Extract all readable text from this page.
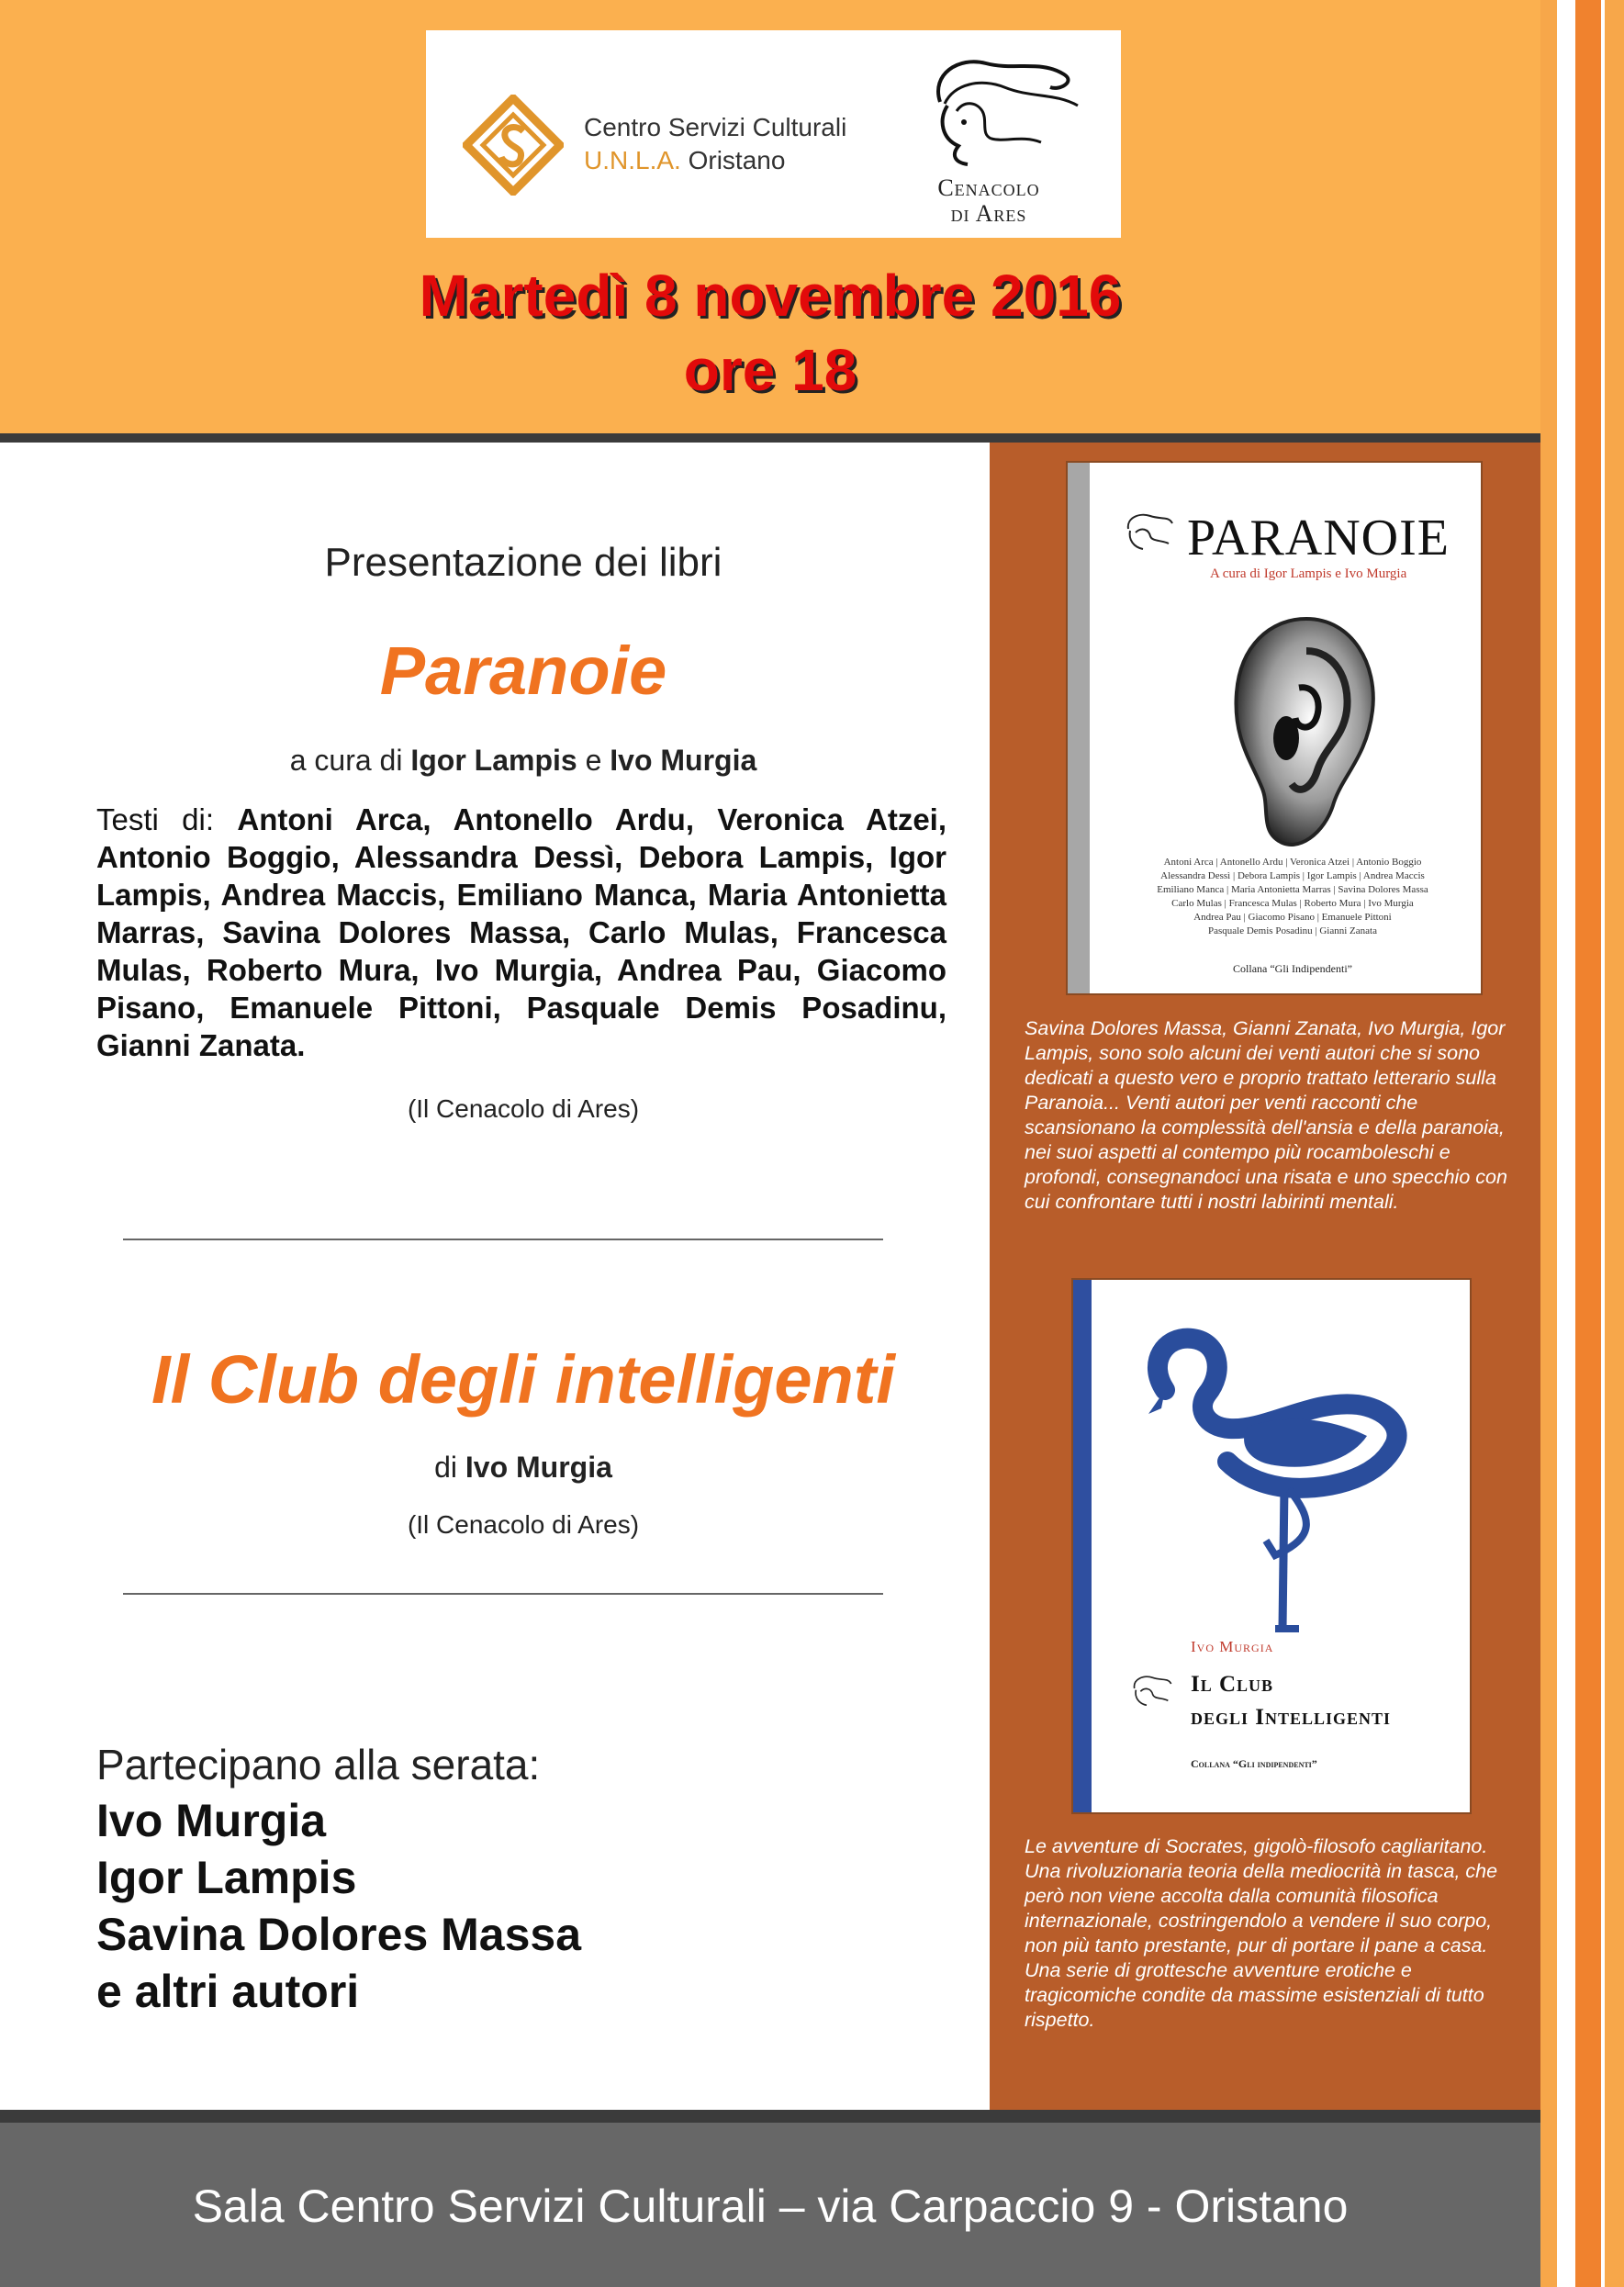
Centro Servizi Culturali
U.N.L.A. Oristano
Cenacolo
di Ares
Martedì 8 novembre 2016
ore 18
Presentazione dei libri
Paranoie
a cura di Igor Lampis e Ivo Murgia
Testi di: Antoni Arca, Antonello Ardu, Veronica Atzei, Antonio Boggio, Alessandra Dessì, Debora Lampis, Igor Lampis, Andrea Maccis, Emiliano Manca, Maria Antonietta Marras, Savina Dolores Massa, Carlo Mulas, Francesca Mulas, Roberto Mura, Ivo Murgia, Andrea Pau, Giacomo Pisano, Emanuele Pittoni, Pasquale Demis Posadinu, Gianni Zanata.
(Il Cenacolo di Ares)
Il Club degli intelligenti
di Ivo Murgia
(Il Cenacolo di Ares)
Partecipano alla serata:
Ivo Murgia
Igor Lampis
Savina Dolores Massa
e altri autori
PARANOIE
A cura di Igor Lampis e Ivo Murgia
Antoni Arca | Antonello Ardu | Veronica Atzei | Antonio Boggio
Alessandra Dessì | Debora Lampis | Igor Lampis | Andrea Maccis
Emiliano Manca | Maria Antonietta Marras | Savina Dolores Massa
Carlo Mulas | Francesca Mulas | Roberto Mura | Ivo Murgia
Andrea Pau | Giacomo Pisano | Emanuele Pittoni
Pasquale Demis Posadinu | Gianni Zanata
Collana “Gli Indipendenti”
Savina Dolores Massa, Gianni Zanata, Ivo Murgia, Igor Lampis, sono solo alcuni dei venti autori che si sono dedicati a questo vero e proprio trattato letterario sulla Paranoia... Venti autori per venti racconti che scansionano la complessità dell'ansia e della paranoia, nei suoi aspetti al contempo più rocamboleschi e profondi, consegnandoci una risata e uno specchio con cui confrontare tutti i nostri labirinti mentali.
Ivo Murgia
Il Club
degli Intelligenti
Collana “Gli indipendenti”
Le avventure di Socrates, gigolò-filosofo cagliaritano. Una rivoluzionaria teoria della mediocrità in tasca, che però non viene accolta dalla comunità filosofica internazionale, costringendolo a vendere il suo corpo, non più tanto prestante, pur di portare il pane a casa. Una serie di grottesche avventure erotiche e tragicomiche condite da massime esistenziali di tutto rispetto.
Sala Centro Servizi Culturali – via Carpaccio 9 - Oristano
